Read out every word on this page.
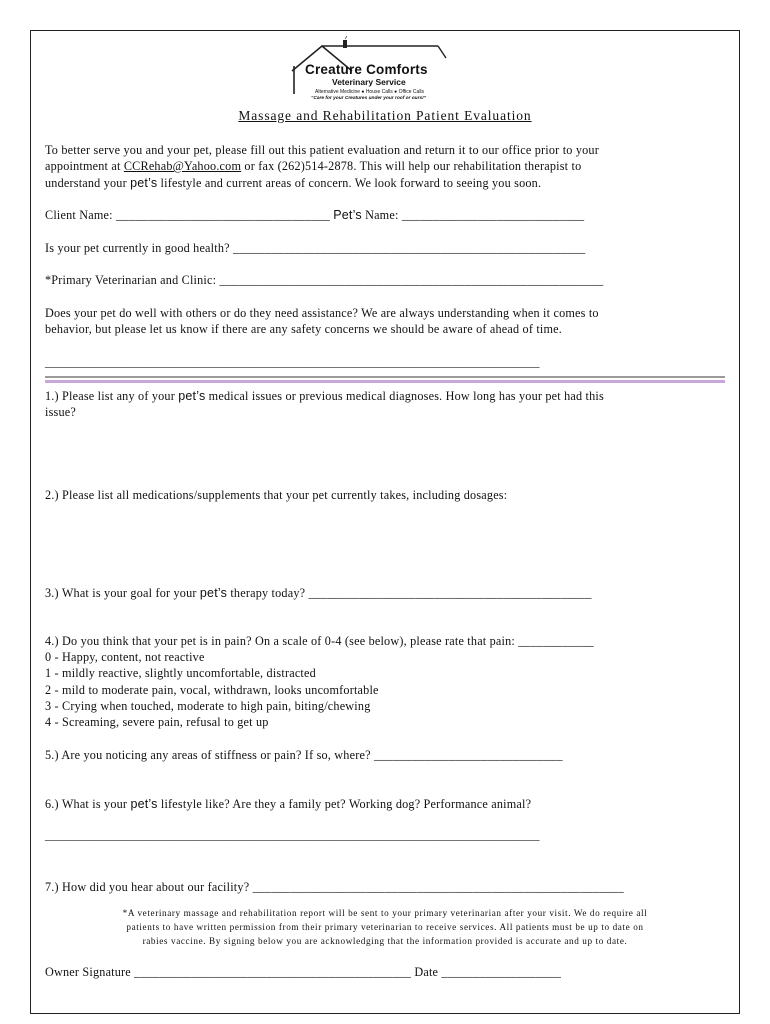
Creature Comforts
Veterinary Service
Alternative Medicine ● House Calls ● Office Calls
“Care for your Creatures under your roof or ours!”
Massage and Rehabilitation Patient Evaluation
To better serve you and your pet, please fill out this patient evaluation and return it to our office prior to your
appointment at CCRehab@Yahoo.com or fax (262)514-2878. This will help our rehabilitation therapist to
understand your pet’s lifestyle and current areas of concern. We look forward to seeing you soon.
Client Name: __________________________________ Pet’s Name: _____________________________
Is your pet currently in good health? ________________________________________________________
*Primary Veterinarian and Clinic: _____________________________________________________________
Does your pet do well with others or do they need assistance? We are always understanding when it comes to
behavior, but please let us know if there are any safety concerns we should be aware of ahead of time.
______________________________________________________________________________________
1.) Please list any of your pet’s medical issues or previous medical diagnoses. How long has your pet had this
issue?
2.) Please list all medications/supplements that your pet currently takes, including dosages:
3.) What is your goal for your pet’s therapy today? _____________________________________________
4.) Do you think that your pet is in pain? On a scale of 0-4 (see below), please rate that pain: ____________
0 - Happy, content, not reactive
1 - mildly reactive, slightly uncomfortable, distracted
2 - mild to moderate pain, vocal, withdrawn, looks uncomfortable
3 - Crying when touched, moderate to high pain, biting/chewing
4 - Screaming, severe pain, refusal to get up
5.) Are you noticing any areas of stiffness or pain? If so, where? ______________________________
6.) What is your pet’s lifestyle like? Are they a family pet? Working dog? Performance animal?
______________________________________________________________________________________
7.) How did you hear about our facility? ___________________________________________________________
*A veterinary massage and rehabilitation report will be sent to your primary veterinarian after your visit. We do require all
patients to have written permission from their primary veterinarian to receive services. All patients must be up to date on
rabies vaccine. By signing below you are acknowledging that the information provided is accurate and up to date.
Owner Signature ____________________________________________ Date ___________________
